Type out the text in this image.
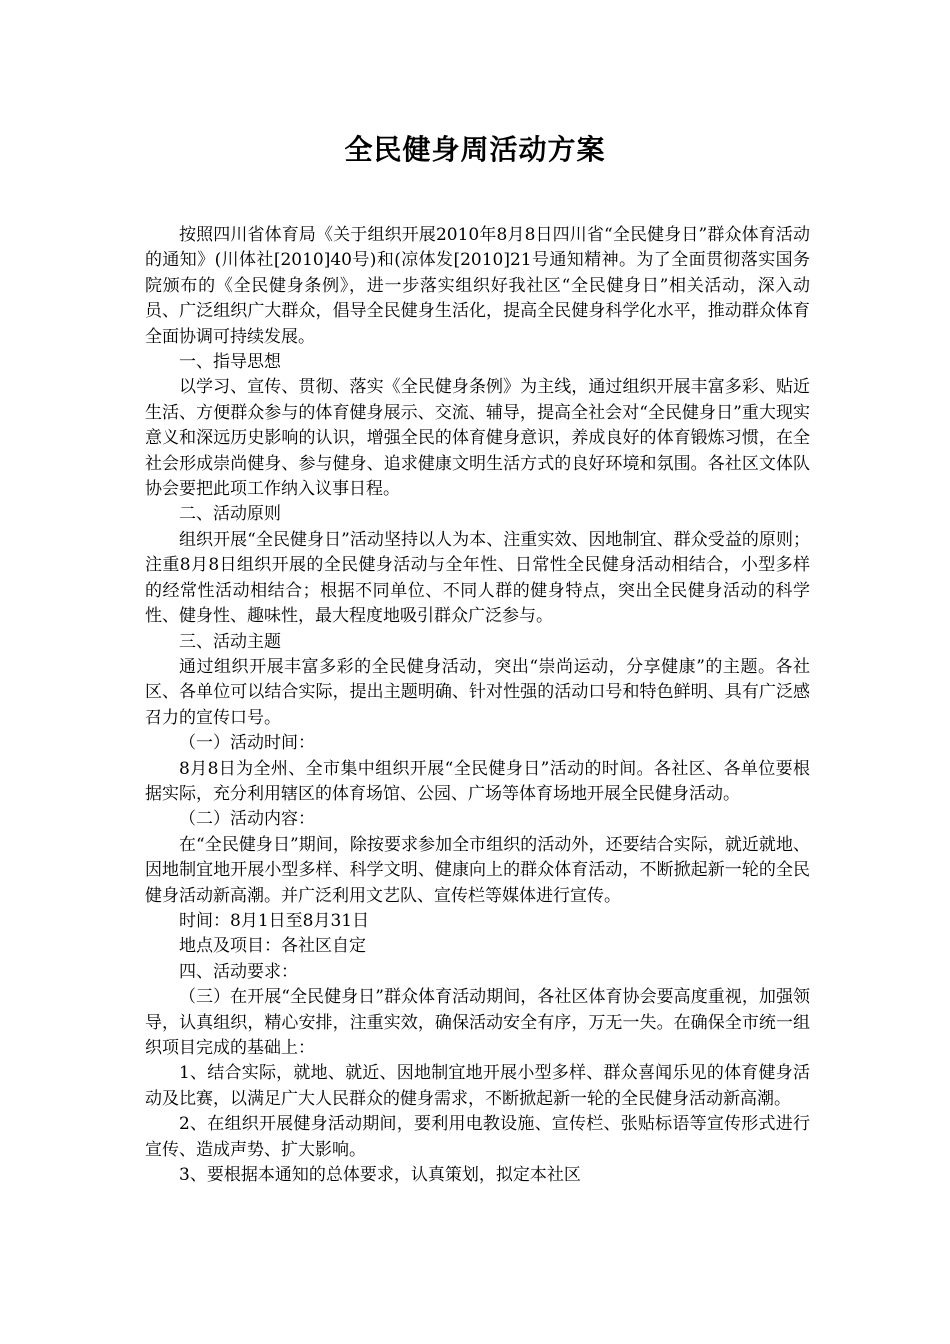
全民健身周活动方案

按照四川省体育局《关于组织开展2010年8月8日四川省“全民健身日”群众体育活动的通知》(川体社[2010]40号)和(凉体发[2010]21号通知精神。为了全面贯彻落实国务院颁布的《全民健身条例》，进一步落实组织好我社区“全民健身日”相关活动，深入动员、广泛组织广大群众，倡导全民健身生活化，提高全民健身科学化水平，推动群众体育全面协调可持续发展。

一、指导思想

以学习、宣传、贯彻、落实《全民健身条例》为主线，通过组织开展丰富多彩、贴近生活、方便群众参与的体育健身展示、交流、辅导，提高全社会对“全民健身日”重大现实意义和深远历史影响的认识，增强全民的体育健身意识，养成良好的体育锻炼习惯，在全社会形成崇尚健身、参与健身、追求健康文明生活方式的良好环境和氛围。各社区文体队协会要把此项工作纳入议事日程。

二、活动原则

组织开展“全民健身日”活动坚持以人为本、注重实效、因地制宜、群众受益的原则；注重8月8日组织开展的全民健身活动与全年性、日常性全民健身活动相结合，小型多样的经常性活动相结合；根据不同单位、不同人群的健身特点，突出全民健身活动的科学性、健身性、趣味性，最大程度地吸引群众广泛参与。

三、活动主题

通过组织开展丰富多彩的全民健身活动，突出“崇尚运动，分享健康”的主题。各社区、各单位可以结合实际，提出主题明确、针对性强的活动口号和特色鲜明、具有广泛感召力的宣传口号。

（一）活动时间：

8月8日为全州、全市集中组织开展“全民健身日”活动的时间。各社区、各单位要根据实际，充分利用辖区的体育场馆、公园、广场等体育场地开展全民健身活动。

（二）活动内容：

在“全民健身日”期间，除按要求参加全市组织的活动外，还要结合实际，就近就地、因地制宜地开展小型多样、科学文明、健康向上的群众体育活动，不断掀起新一轮的全民健身活动新高潮。并广泛利用文艺队、宣传栏等媒体进行宣传。

时间：8月1日至8月31日

地点及项目：各社区自定

四、活动要求：

（三）在开展“全民健身日”群众体育活动期间，各社区体育协会要高度重视，加强领导，认真组织，精心安排，注重实效，确保活动安全有序，万无一失。在确保全市统一组织项目完成的基础上：

1、结合实际，就地、就近、因地制宜地开展小型多样、群众喜闻乐见的体育健身活动及比赛，以满足广大人民群众的健身需求，不断掀起新一轮的全民健身活动新高潮。

2、在组织开展健身活动期间，要利用电教设施、宣传栏、张贴标语等宣传形式进行宣传、造成声势、扩大影响。

3、要根据本通知的总体要求，认真策划，拟定本社区
